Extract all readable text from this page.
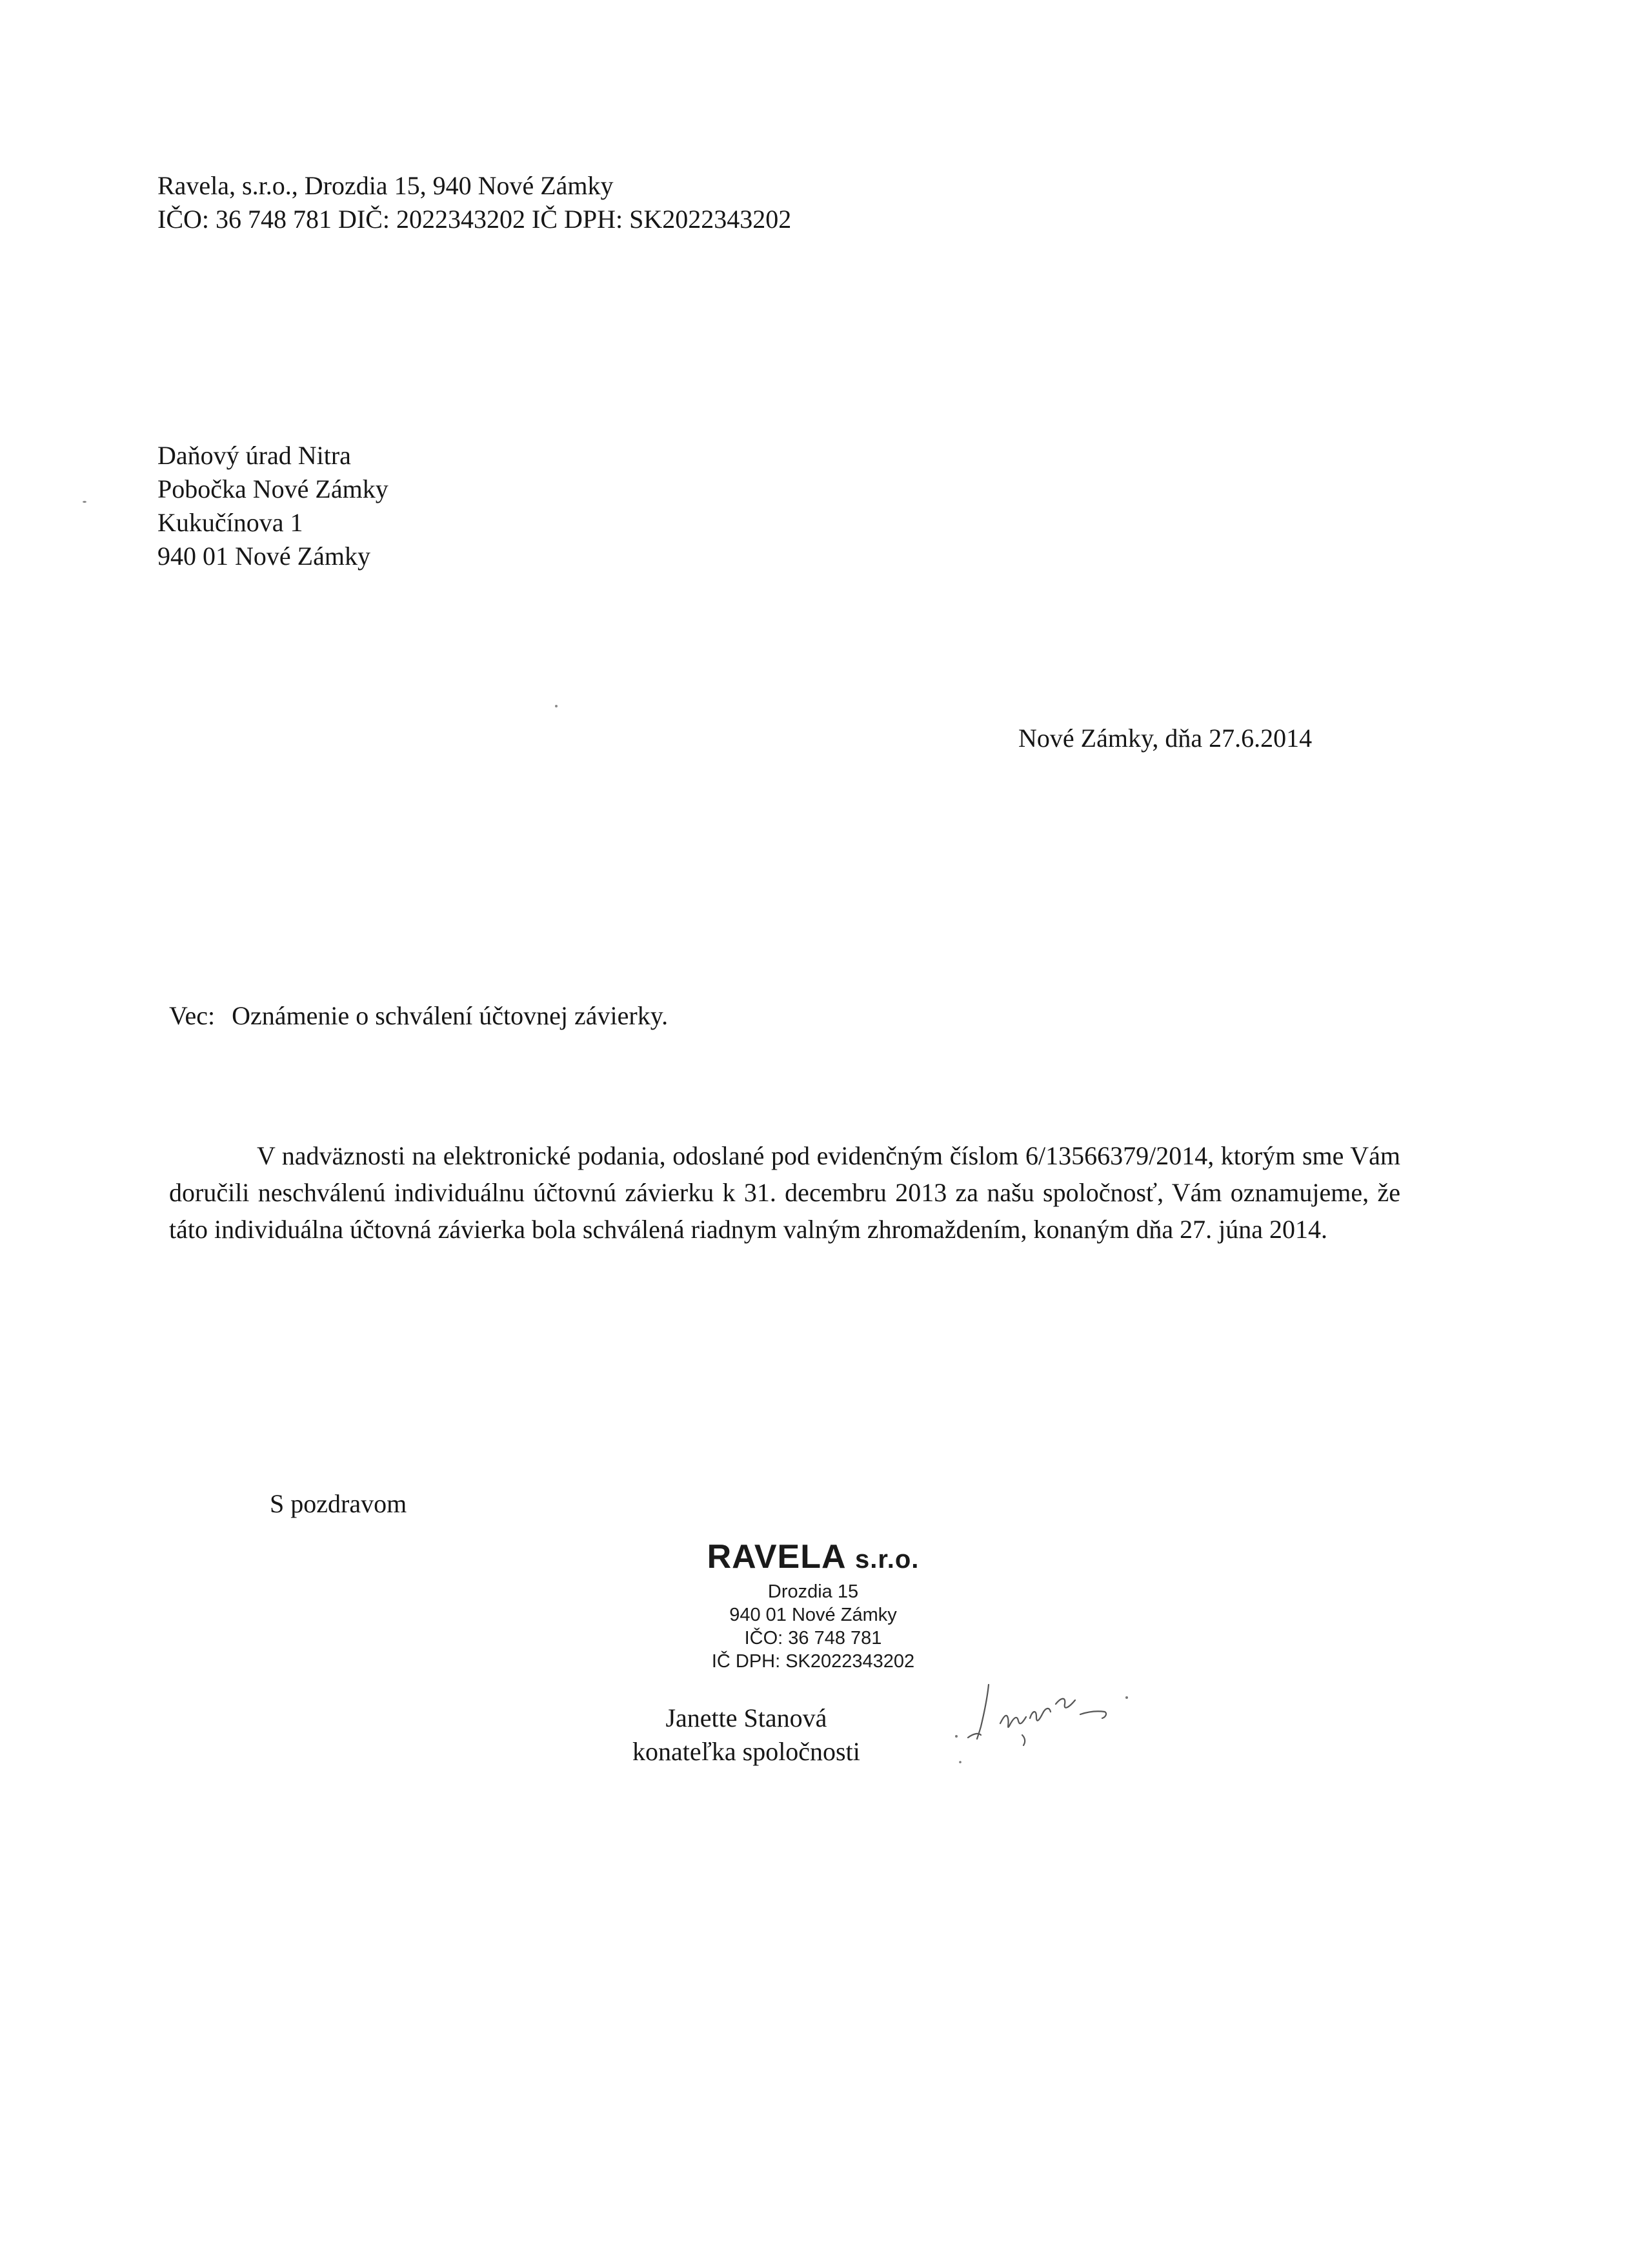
Ravela, s.r.o., Drozdia 15, 940 Nové Zámky
IČO: 36 748 781 DIČ: 2022343202 IČ DPH: SK2022343202
Daňový úrad Nitra
Pobočka Nové Zámky
Kukučínova 1
940 01 Nové Zámky
Nové Zámky, dňa 27.6.2014
Vec: Oznámenie o schválení účtovnej závierky.

V nadväznosti na elektronické podania, odoslané pod evidenčným číslom 6/13566379/2014, ktorým sme Vám doručili neschválenú individuálnu účtovnú závierku k 31. decembru 2013 za našu spoločnosť, Vám oznamujeme, že táto individuálna účtovná závierka bola schválená riadnym valným zhromaždením, konaným dňa 27. júna 2014.

S pozdravom
RAVELA s.r.o.
Drozdia 15
940 01 Nové Zámky
IČO: 36 748 781
IČ DPH: SK2022343202
Janette Stanová
konateľka spoločnosti
